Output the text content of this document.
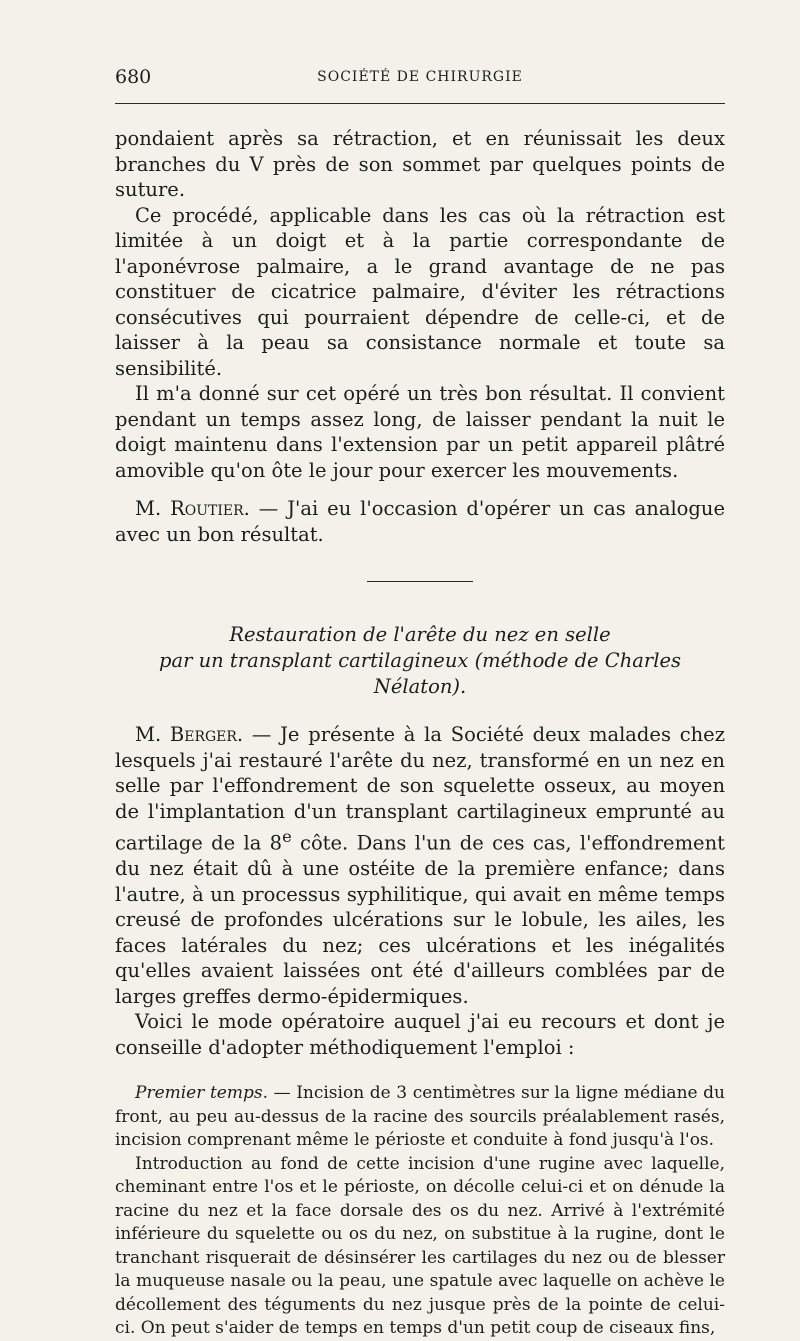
680	SOCIÉTÉ DE CHIRURGIE

pondaient après sa rétraction, et en réunissait les deux branches du V près de son sommet par quelques points de suture.

Ce procédé, applicable dans les cas où la rétraction est limitée à un doigt et à la partie correspondante de l'aponévrose palmaire, a le grand avantage de ne pas constituer de cicatrice palmaire, d'éviter les rétractions consécutives qui pourraient dépendre de celle-ci, et de laisser à la peau sa consistance normale et toute sa sensibilité.

Il m'a donné sur cet opéré un très bon résultat. Il convient pendant un temps assez long, de laisser pendant la nuit le doigt maintenu dans l'extension par un petit appareil plâtré amovible qu'on ôte le jour pour exercer les mouvements.

M. Routier. — J'ai eu l'occasion d'opérer un cas analogue avec un bon résultat.

Restauration de l'arête du nez en selle
par un transplant cartilagineux (méthode de Charles Nélaton).

M. Berger. — Je présente à la Société deux malades chez lesquels j'ai restauré l'arête du nez, transformé en un nez en selle par l'effondrement de son squelette osseux, au moyen de l'implantation d'un transplant cartilagineux emprunté au cartilage de la 8e côte. Dans l'un de ces cas, l'effondrement du nez était dû à une ostéite de la première enfance; dans l'autre, à un processus syphilitique, qui avait en même temps creusé de profondes ulcérations sur le lobule, les ailes, les faces latérales du nez; ces ulcérations et les inégalités qu'elles avaient laissées ont été d'ailleurs comblées par de larges greffes dermo-épidermiques.

Voici le mode opératoire auquel j'ai eu recours et dont je conseille d'adopter méthodiquement l'emploi :

Premier temps. — Incision de 3 centimètres sur la ligne médiane du front, au peu au-dessus de la racine des sourcils préalablement rasés, incision comprenant même le périoste et conduite à fond jusqu'à l'os.

Introduction au fond de cette incision d'une rugine avec laquelle, cheminant entre l'os et le périoste, on décolle celui-ci et on dénude la racine du nez et la face dorsale des os du nez. Arrivé à l'extrémité inférieure du squelette ou os du nez, on substitue à la rugine, dont le tranchant risquerait de désinsérer les cartilages du nez ou de blesser la muqueuse nasale ou la peau, une spatule avec laquelle on achève le décollement des téguments du nez jusque près de la pointe de celui-ci. On peut s'aider de temps en temps d'un petit coup de ciseaux fins,
